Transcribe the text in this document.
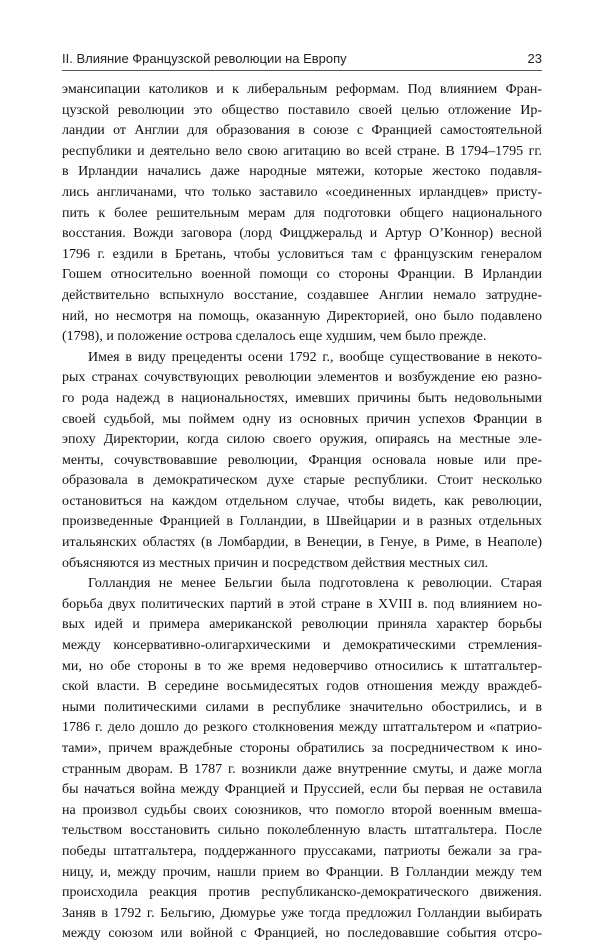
II. Влияние Французской революции на Европу	23

эмансипации католиков и к либеральным реформам. Под влиянием Фран-

цузской революции это общество поставило своей целью отложение Ир-

ландии от Англии для образования в союзе с Францией самостоятельной

республики и деятельно вело свою агитацию во всей стране. В 1794–1795 гг.

в Ирландии начались даже народные мятежи, которые жестоко подавля-

лись англичанами, что только заставило «соединенных ирландцев» присту-

пить к более решительным мерам для подготовки общего национального

восстания. Вожди заговора (лорд Фицджеральд и Артур О’Коннор) весной

1796 г. ездили в Бретань, чтобы условиться там с французским генералом

Гошем относительно военной помощи со стороны Франции. В Ирландии

действительно вспыхнуло восстание, создавшее Англии немало затрудне-

ний, но несмотря на помощь, оказанную Директорией, оно было подавлено

(1798), и положение острова сделалось еще худшим, чем было прежде.

Имея в виду прецеденты осени 1792 г., вообще существование в некото-

рых странах сочувствующих революции элементов и возбуждение ею разно-

го рода надежд в национальностях, имевших причины быть недовольными

своей судьбой, мы поймем одну из основных причин успехов Франции в

эпоху Директории, когда силою своего оружия, опираясь на местные эле-

менты, сочувствовавшие революции, Франция основала новые или пре-

образовала в демократическом духе старые республики. Стоит несколько

остановиться на каждом отдельном случае, чтобы видеть, как революции,

произведенные Францией в Голландии, в Швейцарии и в разных отдельных

итальянских областях (в Ломбардии, в Венеции, в Генуе, в Риме, в Неаполе)

объясняются из местных причин и посредством действия местных сил.

Голландия не менее Бельгии была подготовлена к революции. Старая

борьба двух политических партий в этой стране в XVIII в. под влиянием но-

вых идей и примера американской революции приняла характер борьбы

между консервативно-олигархическими и демократическими стремления-

ми, но обе стороны в то же время недоверчиво относились к штатгальтер-

ской власти. В середине восьмидесятых годов отношения между враждеб-

ными политическими силами в республике значительно обострились, и в

1786 г. дело дошло до резкого столкновения между штатгальтером и «патрио-

тами», причем враждебные стороны обратились за посредничеством к ино-

странным дворам. В 1787 г. возникли даже внутренние смуты, и даже могла

бы начаться война между Францией и Пруссией, если бы первая не оставила

на произвол судьбы своих союзников, что помогло второй военным вмеша-

тельством восстановить сильно поколебленную власть штатгальтера. После

победы штатгальтера, поддержанного пруссаками, патриоты бежали за гра-

ницу, и, между прочим, нашли прием во Франции. В Голландии между тем

происходила реакция против республиканско-демократического движения.

Заняв в 1792 г. Бельгию, Дюмурье уже тогда предложил Голландии выбирать

между союзом или войной с Францией, но последовавшие события отсро-
